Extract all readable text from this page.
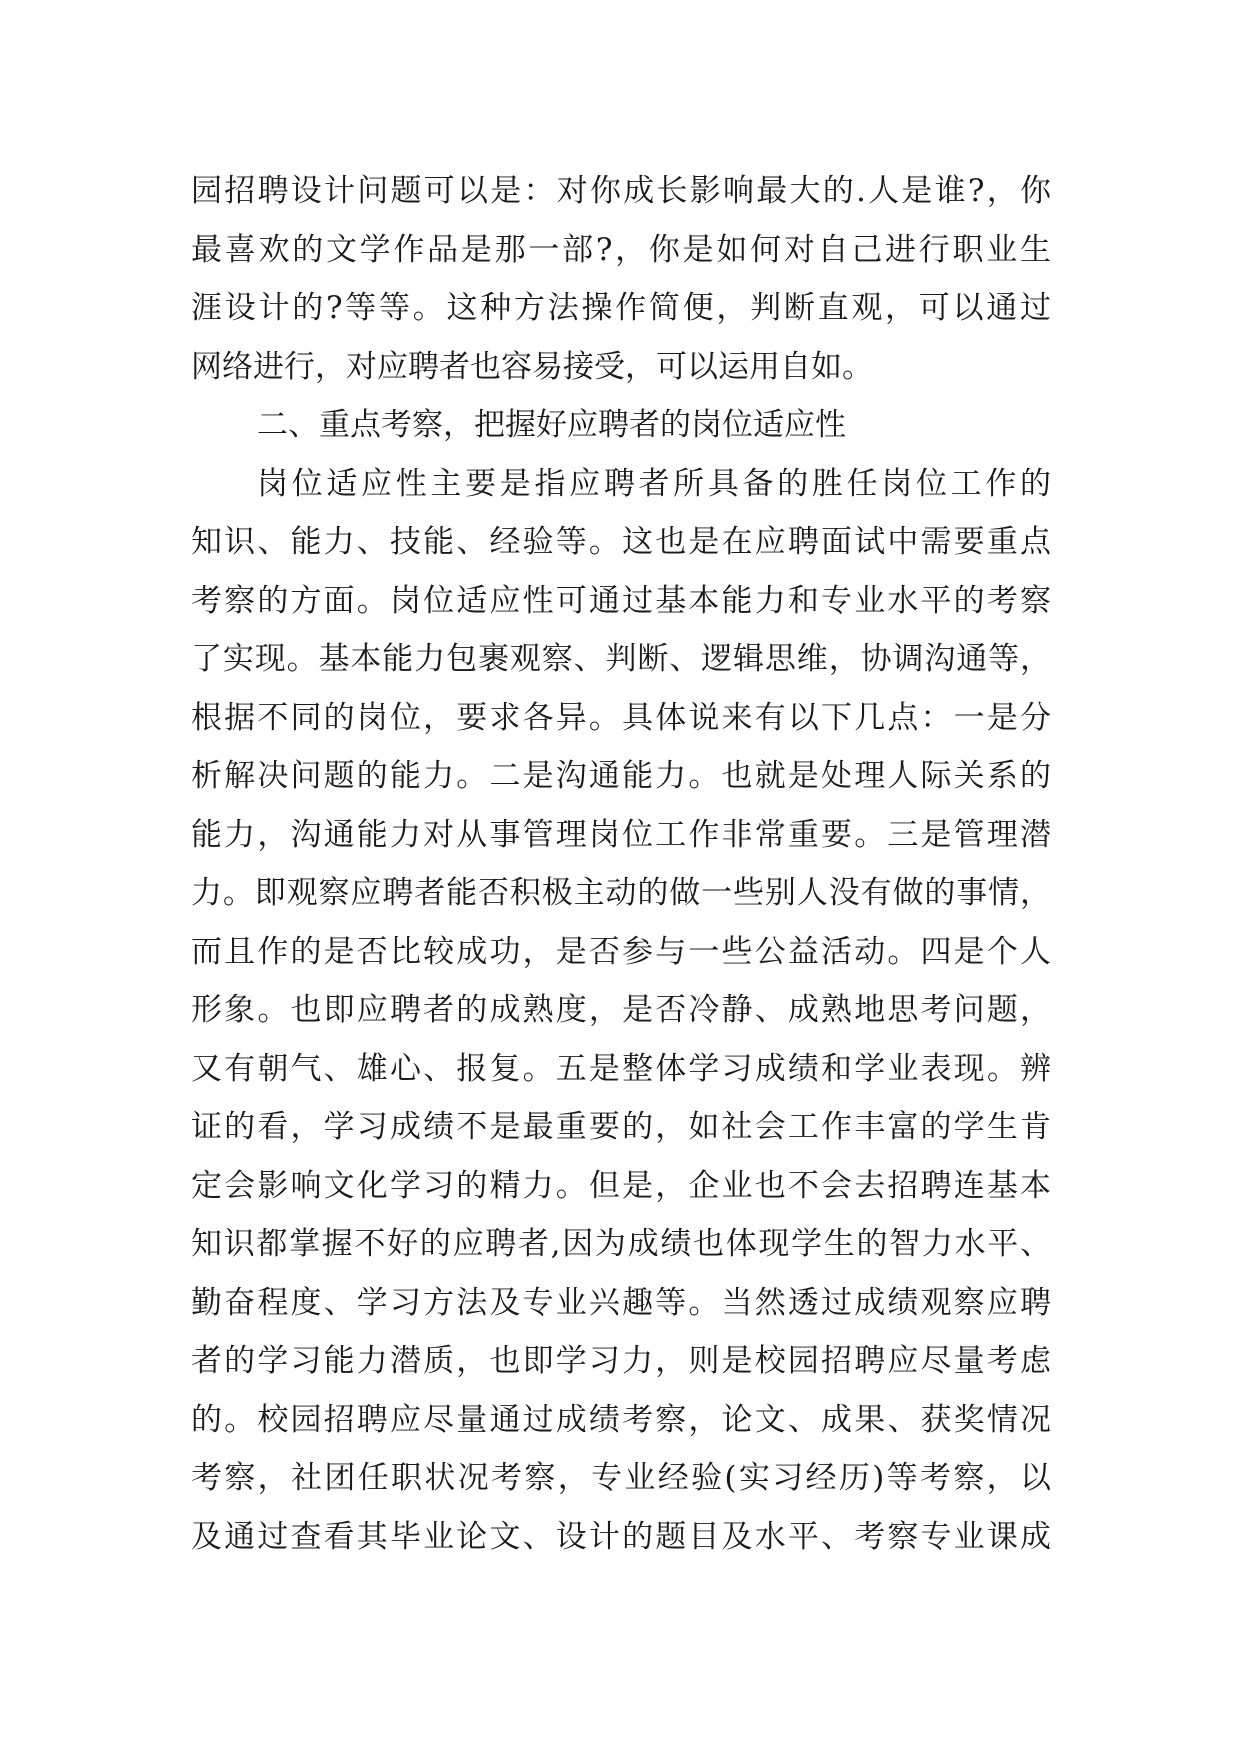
园招聘设计问题可以是：对你成长影响最大的.人是谁?，你
最喜欢的文学作品是那一部?，你是如何对自己进行职业生
涯设计的?等等。这种方法操作简便，判断直观，可以通过
网络进行，对应聘者也容易接受，可以运用自如。
二、重点考察，把握好应聘者的岗位适应性
岗位适应性主要是指应聘者所具备的胜任岗位工作的
知识、能力、技能、经验等。这也是在应聘面试中需要重点
考察的方面。岗位适应性可通过基本能力和专业水平的考察
了实现。基本能力包裹观察、判断、逻辑思维，协调沟通等，
根据不同的岗位，要求各异。具体说来有以下几点：一是分
析解决问题的能力。二是沟通能力。也就是处理人际关系的
能力，沟通能力对从事管理岗位工作非常重要。三是管理潜
力。即观察应聘者能否积极主动的做一些别人没有做的事情，
而且作的是否比较成功，是否参与一些公益活动。四是个人
形象。也即应聘者的成熟度，是否冷静、成熟地思考问题，
又有朝气、雄心、报复。五是整体学习成绩和学业表现。辨
证的看，学习成绩不是最重要的，如社会工作丰富的学生肯
定会影响文化学习的精力。但是，企业也不会去招聘连基本
知识都掌握不好的应聘者,因为成绩也体现学生的智力水平、
勤奋程度、学习方法及专业兴趣等。当然透过成绩观察应聘
者的学习能力潜质，也即学习力，则是校园招聘应尽量考虑
的。校园招聘应尽量通过成绩考察，论文、成果、获奖情况
考察，社团任职状况考察，专业经验(实习经历)等考察，以
及通过查看其毕业论文、设计的题目及水平、考察专业课成
